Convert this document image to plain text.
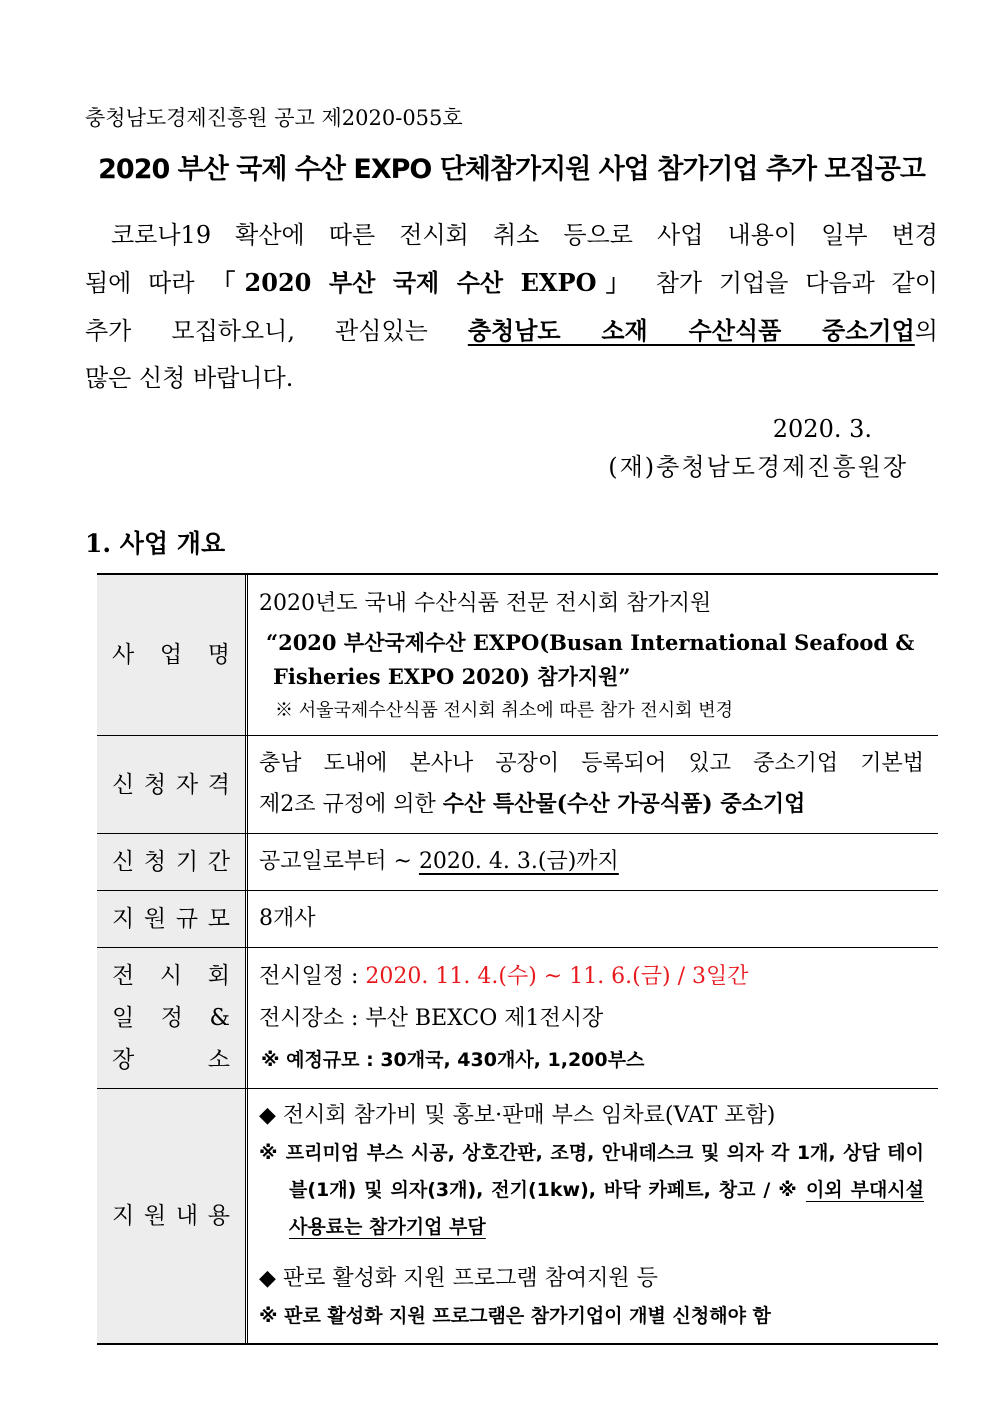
충청남도경제진흥원 공고 제2020-055호
2020 부산 국제 수산 EXPO 단체참가지원 사업 참가기업 추가 모집공고
코로나19 확산에 따른 전시회 취소 등으로 사업 내용이 일부 변경
됨에 따라 「2020 부산 국제 수산 EXPO」 참가 기업을 다음과 같이
추가 모집하오니, 관심있는 충청남도 소재 수산식품 중소기업의
많은 신청 바랍니다.
2020. 3.
(재)충청남도경제진흥원장
1. 사업 개요
사 업 명
2020년도 국내 수산식품 전문 전시회 참가지원
“2020 부산국제수산 EXPO(Busan International Seafood & Fisheries EXPO 2020) 참가지원”
※ 서울국제수산식품 전시회 취소에 따른 참가 전시회 변경
신 청 자 격
충남 도내에 본사나 공장이 등록되어 있고 중소기업 기본법
제2조 규정에 의한 수산 특산물(수산 가공식품) 중소기업
신 청 기 간 공고일로부터 ~ 2020. 4. 3.(금)까지
지 원 규 모 8개사
전 시 회
일 정 &
장 소
전시일정 : 2020. 11. 4.(수) ~ 11. 6.(금) / 3일간
전시장소 : 부산 BEXCO 제1전시장
※ 예정규모 : 30개국, 430개사, 1,200부스
지 원 내 용
◆ 전시회 참가비 및 홍보·판매 부스 임차료(VAT 포함)
※ 프리미엄 부스 시공, 상호간판, 조명, 안내데스크 및 의자 각 1개, 상담 테이블(1개) 및 의자(3개), 전기(1kw), 바닥 카페트, 창고 / ※ 이외 부대시설 사용료는 참가기업 부담
◆ 판로 활성화 지원 프로그램 참여지원 등
※ 판로 활성화 지원 프로그램은 참가기업이 개별 신청해야 함
